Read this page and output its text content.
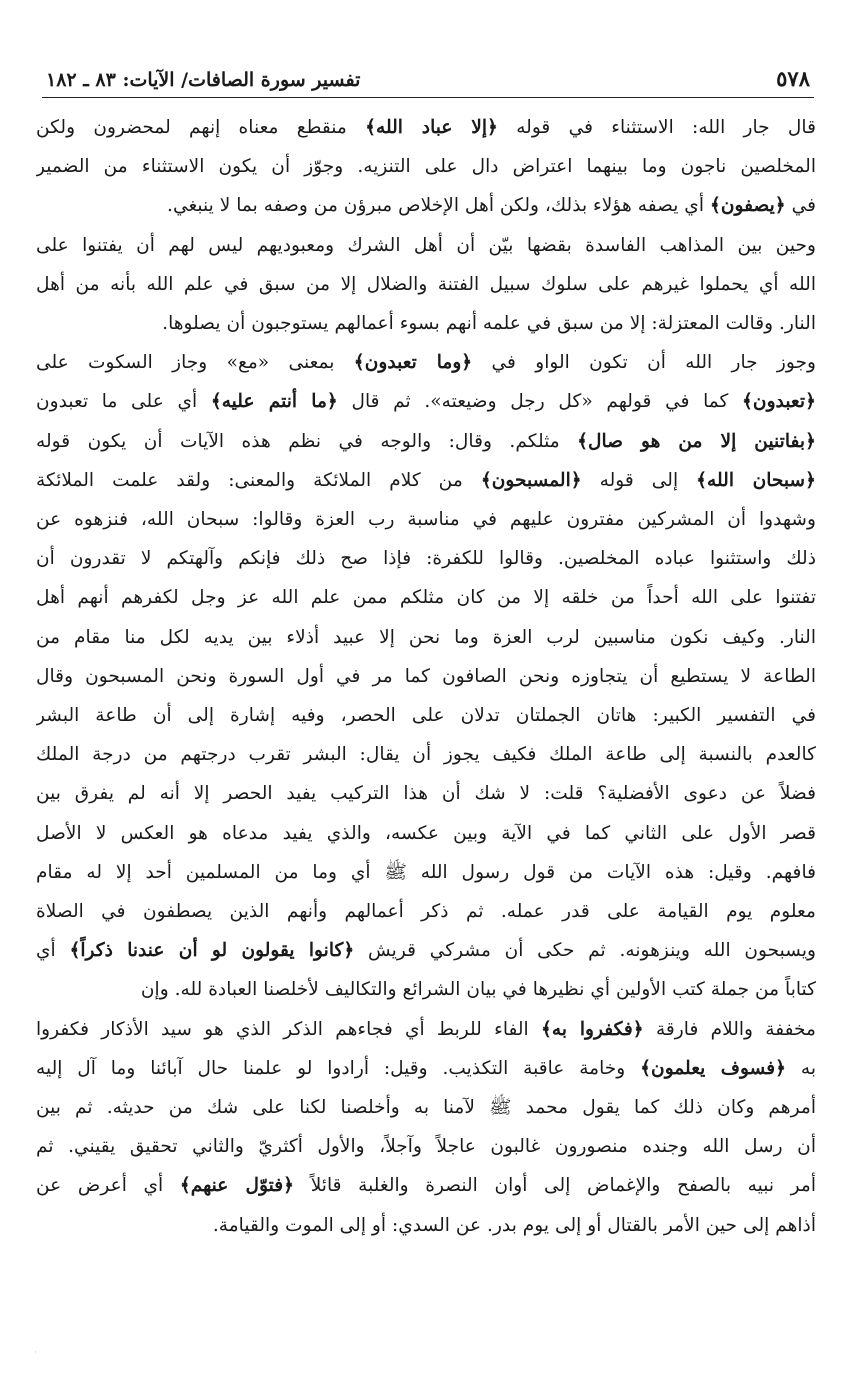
٥٧٨
تفسير سورة الصافات/ الآيات: ٨٣ ـ ١٨٢
قال جار الله: الاستثناء في قوله ﴿إلا عباد الله﴾ منقطع معناه إنهم لمحضرون ولكن
المخلصين ناجون وما بينهما اعتراض دال على التنزيه. وجوّز أن يكون الاستثناء من الضمير
في ﴿يصفون﴾ أي يصفه هؤلاء بذلك، ولكن أهل الإخلاص مبرؤن من وصفه بما لا ينبغي.
وحين بين المذاهب الفاسدة بقضها بيّن أن أهل الشرك ومعبوديهم ليس لهم أن يفتنوا على
الله أي يحملوا غيرهم على سلوك سبيل الفتنة والضلال إلا من سبق في علم الله بأنه من أهل
النار. وقالت المعتزلة: إلا من سبق في علمه أنهم بسوء أعمالهم يستوجبون أن يصلوها.
وجوز جار الله أن تكون الواو في ﴿وما تعبدون﴾ بمعنى «مع» وجاز السكوت على
﴿تعبدون﴾ كما في قولهم «كل رجل وضيعته». ثم قال ﴿ما أنتم عليه﴾ أي على ما تعبدون
﴿بفاتنين إلا من هو صال﴾ مثلكم. وقال: والوجه في نظم هذه الآيات أن يكون قوله
﴿سبحان الله﴾ إلى قوله ﴿المسبحون﴾ من كلام الملائكة والمعنى: ولقد علمت الملائكة
وشهدوا أن المشركين مفترون عليهم في مناسبة رب العزة وقالوا: سبحان الله، فنزهوه عن
ذلك واستثنوا عباده المخلصين. وقالوا للكفرة: فإذا صح ذلك فإنكم وآلهتكم لا تقدرون أن
تفتنوا على الله أحداً من خلقه إلا من كان مثلكم ممن علم الله عز وجل لكفرهم أنهم أهل
النار. وكيف نكون مناسبين لرب العزة وما نحن إلا عبيد أذلاء بين يديه لكل منا مقام من
الطاعة لا يستطيع أن يتجاوزه ونحن الصافون كما مر في أول السورة ونحن المسبحون وقال
في التفسير الكبير: هاتان الجملتان تدلان على الحصر، وفيه إشارة إلى أن طاعة البشر
كالعدم بالنسبة إلى طاعة الملك فكيف يجوز أن يقال: البشر تقرب درجتهم من درجة الملك
فضلاً عن دعوى الأفضلية؟ قلت: لا شك أن هذا التركيب يفيد الحصر إلا أنه لم يفرق بين
قصر الأول على الثاني كما في الآية وبين عكسه، والذي يفيد مدعاه هو العكس لا الأصل
فافهم. وقيل: هذه الآيات من قول رسول الله ﷺ أي وما من المسلمين أحد إلا له مقام
معلوم يوم القيامة على قدر عمله. ثم ذكر أعمالهم وأنهم الذين يصطفون في الصلاة
ويسبحون الله وينزهونه. ثم حكى أن مشركي قريش ﴿كانوا يقولون لو أن عندنا ذكراً﴾ أي
كتاباً من جملة كتب الأولين أي نظيرها في بيان الشرائع والتكاليف لأخلصنا العبادة لله. وإن
مخففة واللام فارقة ﴿فكفروا به﴾ الفاء للربط أي فجاءهم الذكر الذي هو سيد الأذكار فكفروا
به ﴿فسوف يعلمون﴾ وخامة عاقبة التكذيب. وقيل: أرادوا لو علمنا حال آبائنا وما آل إليه
أمرهم وكان ذلك كما يقول محمد ﷺ لآمنا به وأخلصنا لكنا على شك من حديثه. ثم بين
أن رسل الله وجنده منصورون غالبون عاجلاً وآجلاً، والأول أكثريّ والثاني تحقيق يقيني. ثم
أمر نبيه بالصفح والإغماض إلى أوان النصرة والغلبة قائلاً ﴿فتوّل عنهم﴾ أي أعرض عن
أذاهم إلى حين الأمر بالقتال أو إلى يوم بدر. عن السدي: أو إلى الموت والقيامة.
·
